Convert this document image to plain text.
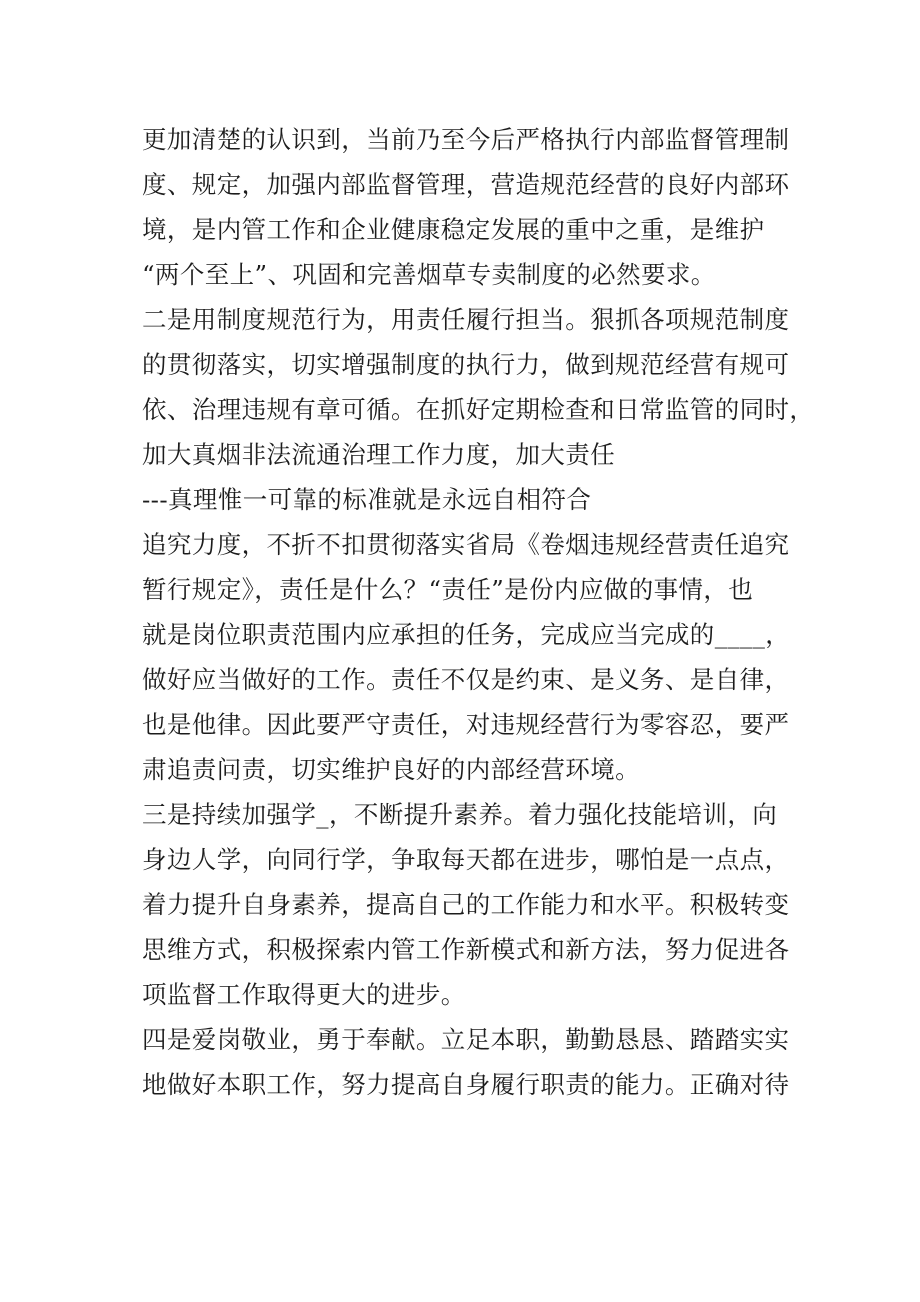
更加清楚的认识到，当前乃至今后严格执行内部监督管理制
度、规定，加强内部监督管理，营造规范经营的良好内部环
境，是内管工作和企业健康稳定发展的重中之重，是维护
“两个至上”、巩固和完善烟草专卖制度的必然要求。
二是用制度规范行为，用责任履行担当。狠抓各项规范制度
的贯彻落实，切实增强制度的执行力，做到规范经营有规可
依、治理违规有章可循。在抓好定期检查和日常监管的同时，
加大真烟非法流通治理工作力度，加大责任
---真理惟一可靠的标准就是永远自相符合
追究力度，不折不扣贯彻落实省局《卷烟违规经营责任追究
暂行规定》，责任是什么？“责任”是份内应做的事情，也
就是岗位职责范围内应承担的任务，完成应当完成的____，
做好应当做好的工作。责任不仅是约束、是义务、是自律，
也是他律。因此要严守责任，对违规经营行为零容忍，要严
肃追责问责，切实维护良好的内部经营环境。
三是持续加强学_，不断提升素养。着力强化技能培训，向
身边人学，向同行学，争取每天都在进步，哪怕是一点点，
着力提升自身素养，提高自己的工作能力和水平。积极转变
思维方式，积极探索内管工作新模式和新方法，努力促进各
项监督工作取得更大的进步。
四是爱岗敬业，勇于奉献。立足本职，勤勤恳恳、踏踏实实
地做好本职工作，努力提高自身履行职责的能力。正确对待
